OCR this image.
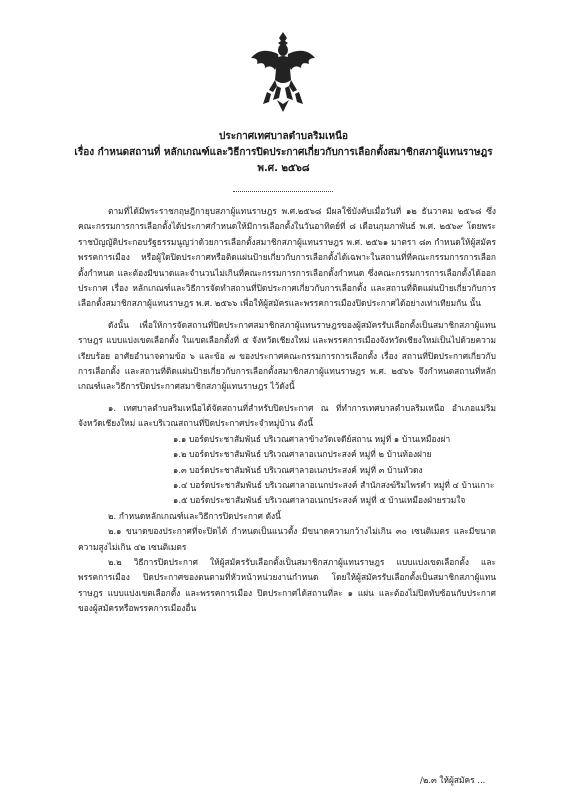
ประกาศเทศบาลตำบลริมเหนือ
เรื่อง กำหนดสถานที่ หลักเกณฑ์และวิธีการปิดประกาศเกี่ยวกับการเลือกตั้งสมาชิกสภาผู้แทนราษฎร
พ.ศ. ๒๕๖๘

ตามที่ได้มีพระราชกฤษฎีกายุบสภาผู้แทนราษฎร พ.ศ.๒๕๖๘ มีผลใช้บังคับเมื่อวันที่ ๑๒ ธันวาคม ๒๕๖๘ ซึ่งคณะกรรมการการเลือกตั้งได้ประกาศกำหนดให้มีการเลือกตั้งในวันอาทิตย์ที่ ๘ เดือนกุมภาพันธ์ พ.ศ. ๒๕๖๙ โดยพระราชบัญญัติประกอบรัฐธรรมนูญว่าด้วยการเลือกตั้งสมาชิกสภาผู้แทนราษฎร พ.ศ. ๒๕๖๑ มาตรา ๘๓ กำหนดให้ผู้สมัคร พรรคการเมือง หรือผู้ใดปิดประกาศหรือติดแผ่นป้ายเกี่ยวกับการเลือกตั้งได้เฉพาะในสถานที่ที่คณะกรรมการการเลือกตั้งกำหนด และต้องมีขนาดและจำนวนไม่เกินที่คณะกรรมการการเลือกตั้งกำหนด ซึ่งคณะกรรมการการเลือกตั้งได้ออกประกาศ เรื่อง หลักเกณฑ์และวิธีการจัดทำสถานที่ปิดประกาศเกี่ยวกับการเลือกตั้ง และสถานที่ติดแผ่นป้ายเกี่ยวกับการเลือกตั้งสมาชิกสภาผู้แทนราษฎร พ.ศ. ๒๕๖๖ เพื่อให้ผู้สมัครและพรรคการเมืองปิดประกาศได้อย่างเท่าเทียมกัน นั้น

ดังนั้น เพื่อให้การจัดสถานที่ปิดประกาศสมาชิกสภาผู้แทนราษฎรของผู้สมัครรับเลือกตั้งเป็นสมาชิกสภาผู้แทนราษฎร แบบแบ่งเขตเลือกตั้ง ในเขตเลือกตั้งที่ ๕ จังหวัดเชียงใหม่ และพรรคการเมืองจังหวัดเชียงใหม่เป็นไปด้วยความเรียบร้อย อาศัยอำนาจตามข้อ ๖ และข้อ ๗ ของประกาศคณะกรรมการการเลือกตั้ง เรื่อง สถานที่ปิดประกาศเกี่ยวกับการเลือกตั้ง และสถานที่ติดแผ่นป้ายเกี่ยวกับการเลือกตั้งสมาชิกสภาผู้แทนราษฎร พ.ศ. ๒๕๖๖ จึงกำหนดสถานที่หลักเกณฑ์และวิธีการปิดประกาศสมาชิกสภาผู้แทนราษฎร ไว้ดังนี้

๑. เทศบาลตำบลริมเหนือได้จัดสถานที่สำหรับปิดประกาศ ณ ที่ทำการเทศบาลตำบลริมเหนือ อำเภอแม่ริม จังหวัดเชียงใหม่ และบริเวณสถานที่ปิดประกาศประจำหมู่บ้าน ดังนี้

๑.๑ บอร์ดประชาสัมพันธ์ บริเวณศาลาข้างวัดเจดีย์สถาน หมู่ที่ ๑ บ้านเหมืองผ่า

๑.๒ บอร์ดประชาสัมพันธ์ บริเวณศาลาอเนกประสงค์ หมู่ที่ ๒ บ้านท้องฝาย

๑.๓ บอร์ดประชาสัมพันธ์ บริเวณศาลาอเนกประสงค์ หมู่ที่ ๓ บ้านหัวดง

๑.๔ บอร์ดประชาสัมพันธ์ บริเวณศาลาอเนกประสงค์ สำนักสงฆ์ริมไพรคำ หมู่ที่ ๔ บ้านเกาะ

๑.๕ บอร์ดประชาสัมพันธ์ บริเวณศาลาอเนกประสงค์ หมู่ที่ ๕ บ้านเหมืองฝ่ายรวมใจ

๒. กำหนดหลักเกณฑ์และวิธีการปิดประกาศ ดังนี้

๒.๑ ขนาดของประกาศที่จะปิดได้ กำหนดเป็นแนวตั้ง มีขนาดความกว้างไม่เกิน ๓๐ เซนติเมตร และมีขนาดความสูงไม่เกิน ๔๒ เซนติเมตร

๒.๒ วิธีการปิดประกาศ ให้ผู้สมัครรับเลือกตั้งเป็นสมาชิกสภาผู้แทนราษฎร แบบแบ่งเขตเลือกตั้ง และพรรคการเมือง ปิดประกาศของตนตามที่หัวหน้าหน่วยงานกำหนด โดยให้ผู้สมัครรับเลือกตั้งเป็นสมาชิกสภาผู้แทนราษฎร แบบแบ่งเขตเลือกตั้ง และพรรคการเมือง ปิดประกาศได้สถานที่ละ ๑ แผ่น และต้องไม่ปิดทับซ้อนกับประกาศของผู้สมัครหรือพรรคการเมืองอื่น

/๒.๓ ให้ผู้สมัคร ...
